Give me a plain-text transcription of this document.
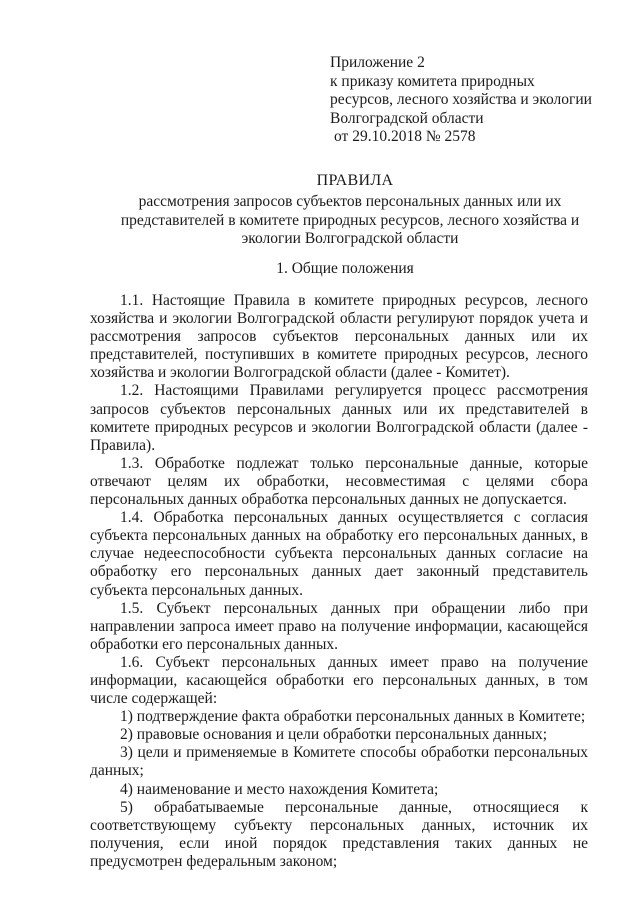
Приложение 2
к приказу комитета природных
ресурсов, лесного хозяйства и экологии
Волгоградской области
от 29.10.2018 № 2578
ПРАВИЛА
рассмотрения запросов субъектов персональных данных или их представителей в комитете природных ресурсов, лесного хозяйства и экологии Волгоградской области
1. Общие положения

1.1. Настоящие Правила в комитете природных ресурсов, лесного хозяйства и экологии Волгоградской области регулируют порядок учета и рассмотрения запросов субъектов персональных данных или их представителей, поступивших в комитете природных ресурсов, лесного хозяйства и экологии Волгоградской области (далее - Комитет).

1.2. Настоящими Правилами регулируется процесс рассмотрения запросов субъектов персональных данных или их представителей в комитете природных ресурсов и экологии Волгоградской области (далее - Правила).

1.3. Обработке подлежат только персональные данные, которые отвечают целям их обработки, несовместимая с целями сбора персональных данных обработка персональных данных не допускается.

1.4. Обработка персональных данных осуществляется с согласия субъекта персональных данных на обработку его персональных данных, в случае недееспособности субъекта персональных данных согласие на обработку его персональных данных дает законный представитель субъекта персональных данных.

1.5. Субъект персональных данных при обращении либо при направлении запроса имеет право на получение информации, касающейся обработки его персональных данных.

1.6. Субъект персональных данных имеет право на получение информации, касающейся обработки его персональных данных, в том числе содержащей:

1) подтверждение факта обработки персональных данных в Комитете;

2) правовые основания и цели обработки персональных данных;

3) цели и применяемые в Комитете способы обработки персональных данных;

4) наименование и место нахождения Комитета;

5) обрабатываемые персональные данные, относящиеся к соответствующему субъекту персональных данных, источник их получения, если иной порядок представления таких данных не предусмотрен федеральным законом;
